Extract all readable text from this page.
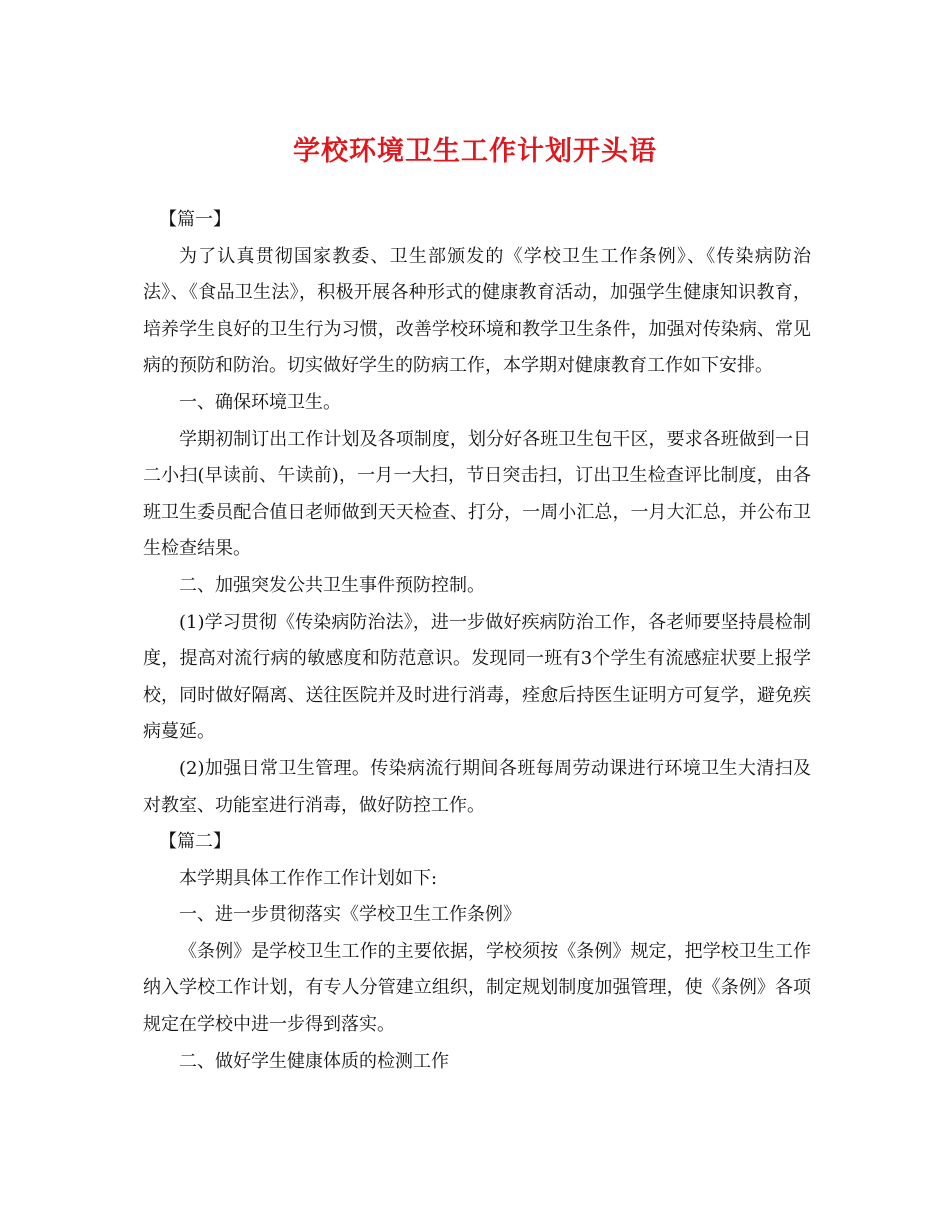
学校环境卫生工作计划开头语

【篇一】

为了认真贯彻国家教委、卫生部颁发的《学校卫生工作条例》、《传染病防治法》、《食品卫生法》，积极开展各种形式的健康教育活动，加强学生健康知识教育，培养学生良好的卫生行为习惯，改善学校环境和教学卫生条件，加强对传染病、常见病的预防和防治。切实做好学生的防病工作，本学期对健康教育工作如下安排。

一、确保环境卫生。

学期初制订出工作计划及各项制度，划分好各班卫生包干区，要求各班做到一日二小扫(早读前、午读前)，一月一大扫，节日突击扫，订出卫生检查评比制度，由各班卫生委员配合值日老师做到天天检查、打分，一周小汇总，一月大汇总，并公布卫生检查结果。

二、加强突发公共卫生事件预防控制。

(1)学习贯彻《传染病防治法》，进一步做好疾病防治工作，各老师要坚持晨检制度，提高对流行病的敏感度和防范意识。发现同一班有3个学生有流感症状要上报学校，同时做好隔离、送往医院并及时进行消毒，痊愈后持医生证明方可复学，避免疾病蔓延。

(2)加强日常卫生管理。传染病流行期间各班每周劳动课进行环境卫生大清扫及对教室、功能室进行消毒，做好防控工作。

【篇二】

本学期具体工作作工作计划如下:

一、进一步贯彻落实《学校卫生工作条例》

《条例》是学校卫生工作的主要依据，学校须按《条例》规定，把学校卫生工作纳入学校工作计划，有专人分管建立组织，制定规划制度加强管理，使《条例》各项规定在学校中进一步得到落实。

二、做好学生健康体质的检测工作
